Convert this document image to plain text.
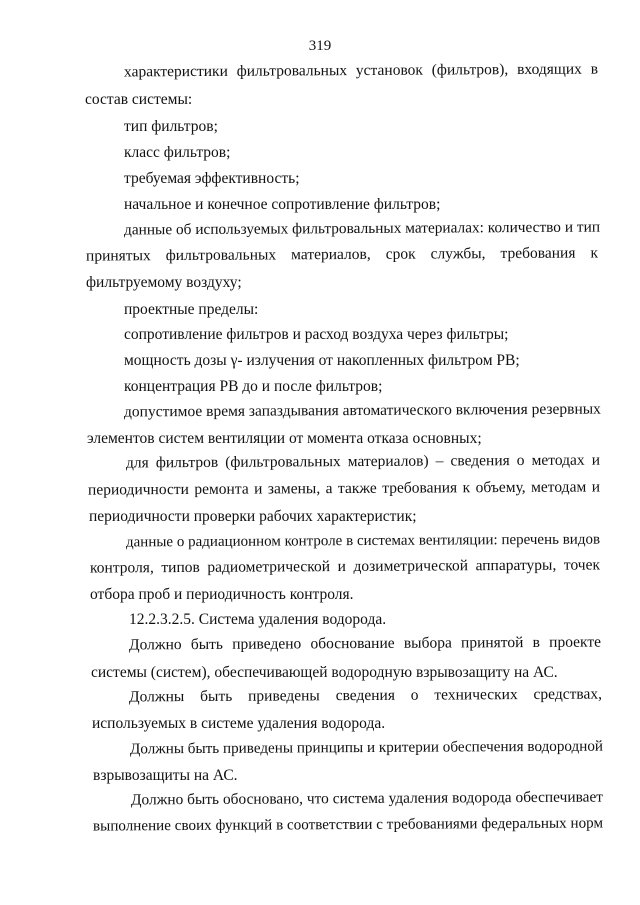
319
характеристики фильтровальных установок (фильтров), входящих в
состав системы:
тип фильтров;
класс фильтров;
требуемая эффективность;
начальное и конечное сопротивление фильтров;
данные об используемых фильтровальных материалах: количество и тип
принятых фильтровальных материалов, срок службы, требования к
фильтруемому воздуху;
проектные пределы:
сопротивление фильтров и расход воздуха через фильтры;
мощность дозы γ- излучения от накопленных фильтром РВ;
концентрация РВ до и после фильтров;
допустимое время запаздывания автоматического включения резервных
элементов систем вентиляции от момента отказа основных;
для фильтров (фильтровальных материалов) – сведения о методах и
периодичности ремонта и замены, а также требования к объему, методам и
периодичности проверки рабочих характеристик;
данные о радиационном контроле в системах вентиляции: перечень видов
контроля, типов радиометрической и дозиметрической аппаратуры, точек
отбора проб и периодичность контроля.
12.2.3.2.5. Система удаления водорода.
Должно быть приведено обоснование выбора принятой в проекте
системы (систем), обеспечивающей водородную взрывозащиту на АС.
Должны быть приведены сведения о технических средствах,
используемых в системе удаления водорода.
Должны быть приведены принципы и критерии обеспечения водородной
взрывозащиты на АС.
Должно быть обосновано, что система удаления водорода обеспечивает
выполнение своих функций в соответствии с требованиями федеральных норм
